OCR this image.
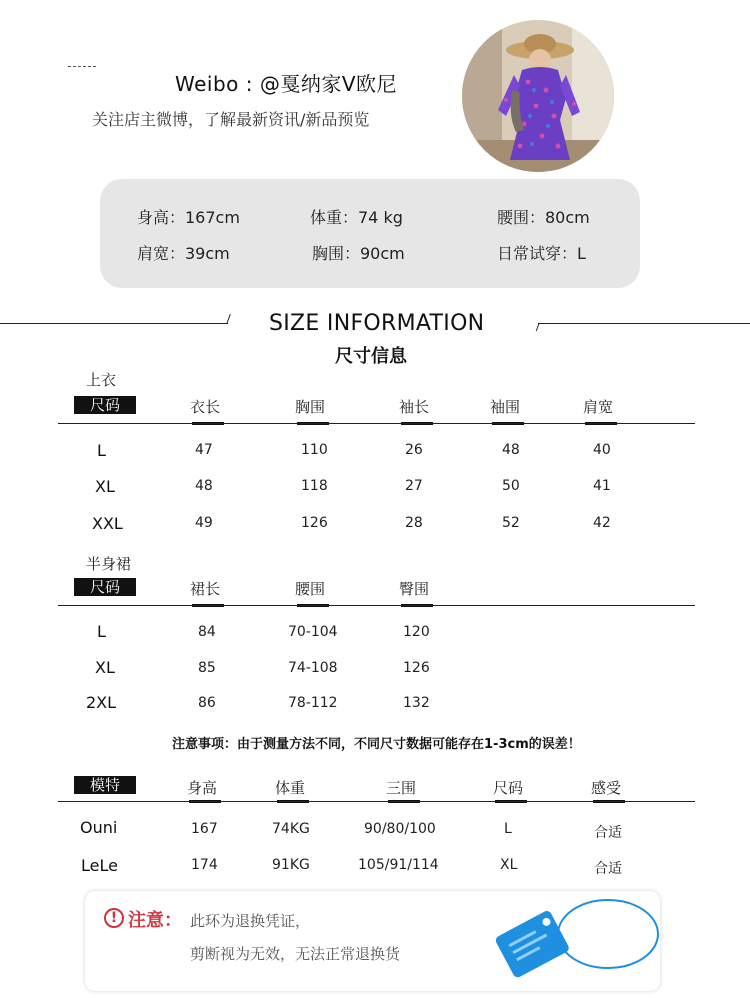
Weibo : @戛纳家V欧尼
关注店主微博，了解最新资讯/新品预览
身高：167cm	体重：74 kg	腰围：80cm
肩宽：39cm	胸围：90cm	日常试穿：L
SIZE INFORMATION
尺寸信息
上衣
尺码	衣长	胸围	袖长	袖围	肩宽
L	47	110	26	48	40
XL	48	118	27	50	41
XXL	49	126	28	52	42
半身裙
尺码	裙长	腰围	臀围
L	84	70-104	120
XL	85	74-108	126
2XL	86	78-112	132
注意事项：由于测量方法不同，不同尺寸数据可能存在1-3cm的误差！
模特	身高	体重	三围	尺码	感受
Ouni	167	74KG	90/80/100	L	合适
LeLe	174	91KG	105/91/114	XL	合适
! 注意： 此环为退换凭证，
剪断视为无效，无法正常退换货
